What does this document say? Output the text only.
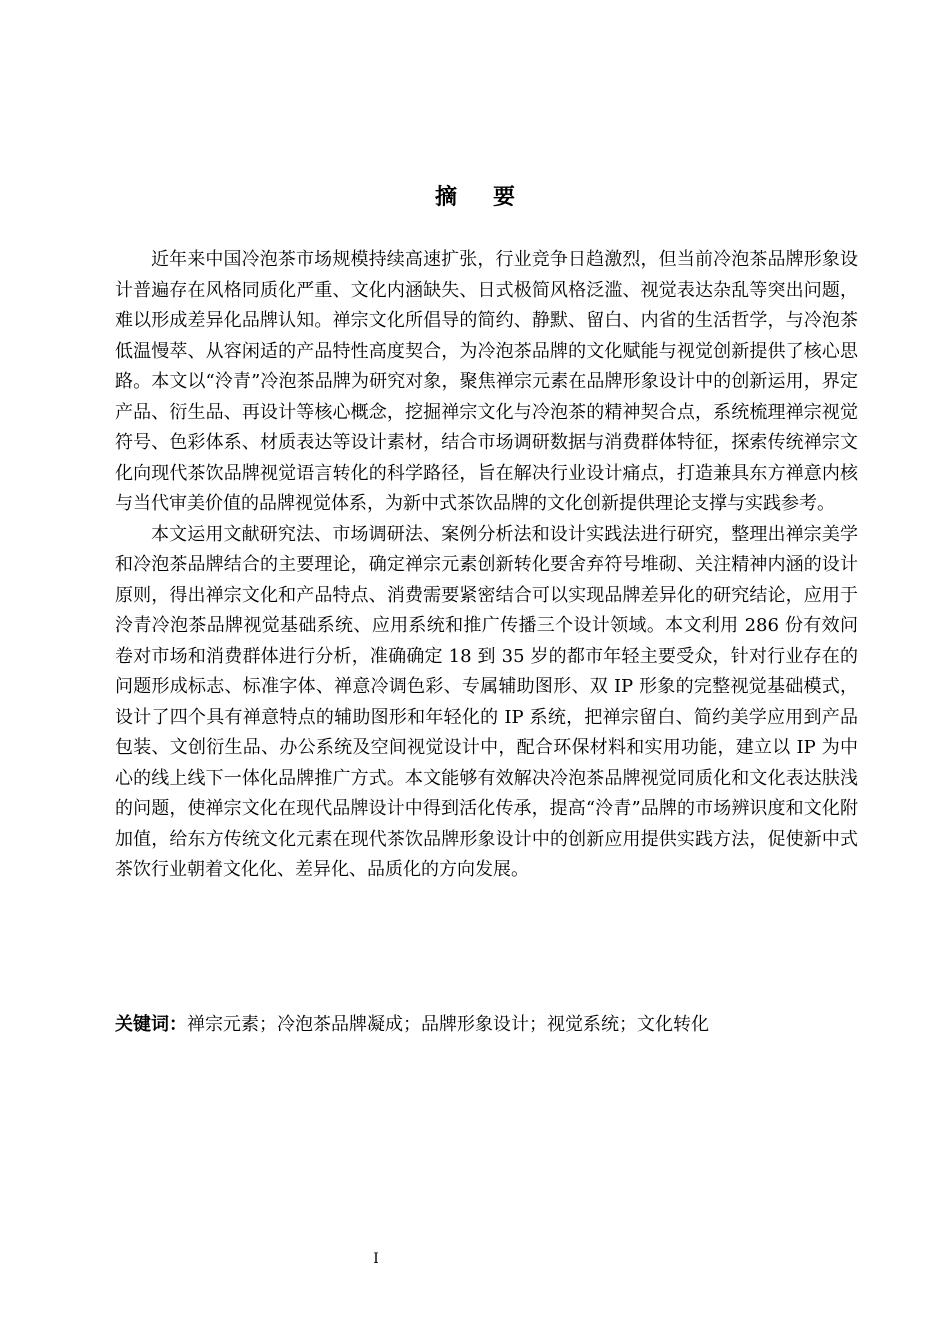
摘 要

近年来中国冷泡茶市场规模持续高速扩张，行业竞争日趋激烈，但当前冷泡茶品牌形象设计普遍存在风格同质化严重、文化内涵缺失、日式极简风格泛滥、视觉表达杂乱等突出问题，难以形成差异化品牌认知。禅宗文化所倡导的简约、静默、留白、内省的生活哲学，与冷泡茶低温慢萃、从容闲适的产品特性高度契合，为冷泡茶品牌的文化赋能与视觉创新提供了核心思路。本文以“泠青”冷泡茶品牌为研究对象，聚焦禅宗元素在品牌形象设计中的创新运用，界定产品、衍生品、再设计等核心概念，挖掘禅宗文化与冷泡茶的精神契合点，系统梳理禅宗视觉符号、色彩体系、材质表达等设计素材，结合市场调研数据与消费群体特征，探索传统禅宗文化向现代茶饮品牌视觉语言转化的科学路径，旨在解决行业设计痛点，打造兼具东方禅意内核与当代审美价值的品牌视觉体系，为新中式茶饮品牌的文化创新提供理论支撑与实践参考。

本文运用文献研究法、市场调研法、案例分析法和设计实践法进行研究，整理出禅宗美学和冷泡茶品牌结合的主要理论，确定禅宗元素创新转化要舍弃符号堆砌、关注精神内涵的设计原则，得出禅宗文化和产品特点、消费需要紧密结合可以实现品牌差异化的研究结论，应用于泠青冷泡茶品牌视觉基础系统、应用系统和推广传播三个设计领域。本文利用 286 份有效问卷对市场和消费群体进行分析，准确确定 18 到 35 岁的都市年轻主要受众，针对行业存在的问题形成标志、标准字体、禅意冷调色彩、专属辅助图形、双 IP 形象的完整视觉基础模式，设计了四个具有禅意特点的辅助图形和年轻化的 IP 系统，把禅宗留白、简约美学应用到产品包装、文创衍生品、办公系统及空间视觉设计中，配合环保材料和实用功能，建立以 IP 为中心的线上线下一体化品牌推广方式。本文能够有效解决冷泡茶品牌视觉同质化和文化表达肤浅的问题，使禅宗文化在现代品牌设计中得到活化传承，提高“泠青”品牌的市场辨识度和文化附加值，给东方传统文化元素在现代茶饮品牌形象设计中的创新应用提供实践方法，促使新中式茶饮行业朝着文化化、差异化、品质化的方向发展。

关键词：禅宗元素；冷泡茶品牌凝成；品牌形象设计；视觉系统；文化转化

I
